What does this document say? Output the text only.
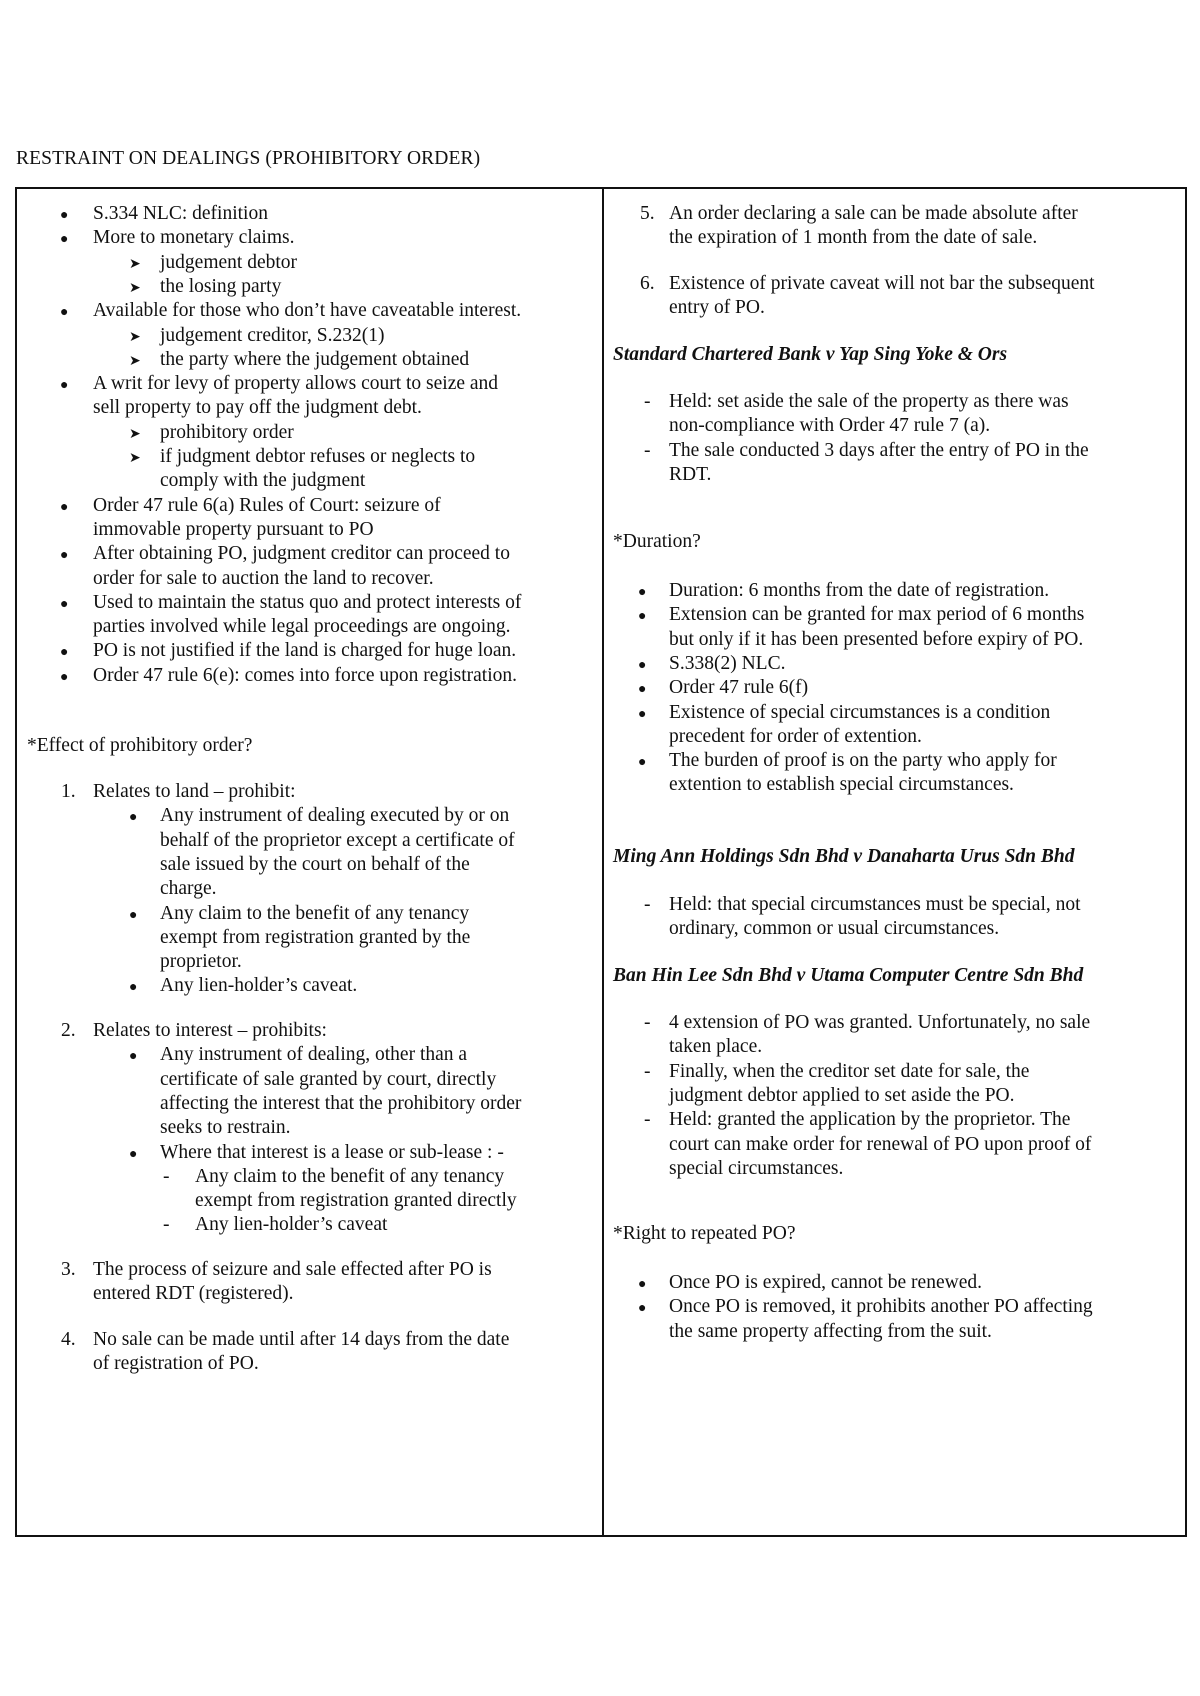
RESTRAINT ON DEALINGS (PROHIBITORY ORDER)
● S.334 NLC: definition
● More to monetary claims.
➤ judgement debtor
➤ the losing party
● Available for those who don’t have caveatable interest.
➤ judgement creditor, S.232(1)
➤ the party where the judgement obtained
● A writ for levy of property allows court to seize and
sell property to pay off the judgment debt.
➤ prohibitory order
➤ if judgment debtor refuses or neglects to
comply with the judgment
● Order 47 rule 6(a) Rules of Court: seizure of
immovable property pursuant to PO
● After obtaining PO, judgment creditor can proceed to
order for sale to auction the land to recover.
● Used to maintain the status quo and protect interests of
parties involved while legal proceedings are ongoing.
● PO is not justified if the land is charged for huge loan.
● Order 47 rule 6(e): comes into force upon registration.
*Effect of prohibitory order?
1. Relates to land – prohibit:
● Any instrument of dealing executed by or on
behalf of the proprietor except a certificate of
sale issued by the court on behalf of the
charge.
● Any claim to the benefit of any tenancy
exempt from registration granted by the
proprietor.
● Any lien-holder’s caveat.
2. Relates to interest – prohibits:
● Any instrument of dealing, other than a
certificate of sale granted by court, directly
affecting the interest that the prohibitory order
seeks to restrain.
● Where that interest is a lease or sub-lease : -
- Any claim to the benefit of any tenancy
exempt from registration granted directly
- Any lien-holder’s caveat
3. The process of seizure and sale effected after PO is
entered RDT (registered).
4. No sale can be made until after 14 days from the date
of registration of PO.
5. An order declaring a sale can be made absolute after
the expiration of 1 month from the date of sale.
6. Existence of private caveat will not bar the subsequent
entry of PO.
Standard Chartered Bank v Yap Sing Yoke & Ors
- Held: set aside the sale of the property as there was
non-compliance with Order 47 rule 7 (a).
- The sale conducted 3 days after the entry of PO in the
RDT.
*Duration?
● Duration: 6 months from the date of registration.
● Extension can be granted for max period of 6 months
but only if it has been presented before expiry of PO.
● S.338(2) NLC.
● Order 47 rule 6(f)
● Existence of special circumstances is a condition
precedent for order of extention.
● The burden of proof is on the party who apply for
extention to establish special circumstances.
Ming Ann Holdings Sdn Bhd v Danaharta Urus Sdn Bhd
- Held: that special circumstances must be special, not
ordinary, common or usual circumstances.
Ban Hin Lee Sdn Bhd v Utama Computer Centre Sdn Bhd
- 4 extension of PO was granted. Unfortunately, no sale
taken place.
- Finally, when the creditor set date for sale, the
judgment debtor applied to set aside the PO.
- Held: granted the application by the proprietor. The
court can make order for renewal of PO upon proof of
special circumstances.
*Right to repeated PO?
● Once PO is expired, cannot be renewed.
● Once PO is removed, it prohibits another PO affecting
the same property affecting from the suit.
